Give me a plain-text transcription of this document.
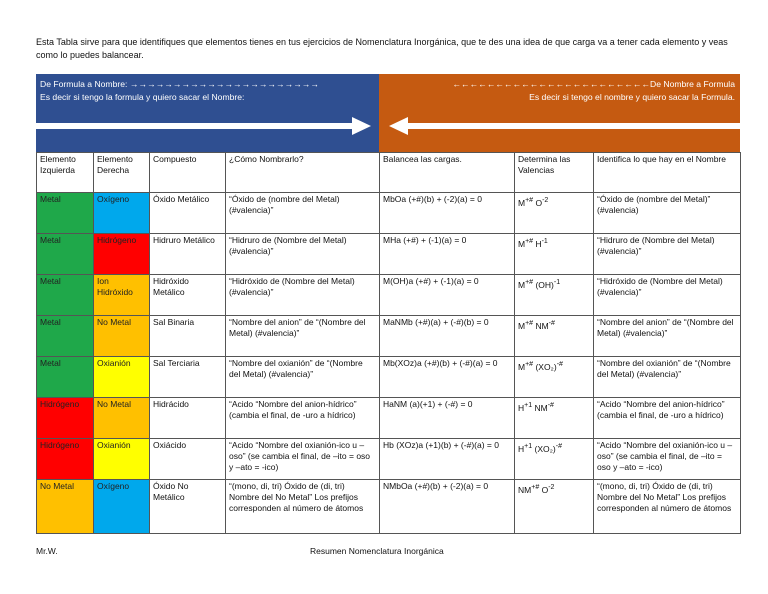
Esta Tabla sirve para que identifiques que elementos tienes en tus ejercicios de Nomenclatura Inorgánica, que te des una idea de que carga va a tener cada elemento y veas como lo puedes balancear.
De Formula a Nombre: →→→→→→→→→→→→→→→→→→→→→→
Es decir si tengo la formula y quiero sacar el Nombre:
←←←←←←←←←←←←←←←←←←←←←←←De Nombre a Formula
Es decir si tengo el nombre y quiero sacar la Formula.
Elemento Izquierda	Elemento Derecha	Compuesto	¿Cómo Nombrarlo?	Balancea las cargas.	Determina las Valencias	Identifica lo que hay en el Nombre
Metal	Oxígeno	Óxido Metálico	“Óxido de (nombre del Metal) (#valencia)”	MbOa (+#)(b) + (-2)(a) = 0	M+# $O^{-2}$	“Óxido de (nombre del Metal)” (#valencia)
Metal	Hidrógeno	Hidruro Metálico	“Hidruro de (Nombre del Metal) (#valencia)”	MHa (+#) + (-1)(a) = 0	M+# $H^{-1}$	“Hidruro de (Nombre del Metal) (#valencia)”
Metal	Ion Hidróxido	Hidróxido Metálico	“Hidróxido de (Nombre del Metal) (#valencia)”	M(OH)a (+#) + (-1)(a) = 0	M+# (OH)$^{-1}$	“Hidróxido de (Nombre del Metal) (#valencia)”
Metal	No Metal	Sal Binaria	“Nombre del anion” de “(Nombre del Metal) (#valencia)”	MaNMb (+#)(a) + (-#)(b) = 0	M+# NM-#	“Nombre del anion” de “(Nombre del Metal) (#valencia)”
Metal	Oxianión	Sal Terciaria	“Nombre del oxianión” de “(Nombre del Metal) (#valencia)”	Mb(XOz)a (+#)(b) + (-#)(a) = 0	M+# (XO₂)-#	“Nombre del oxianión” de “(Nombre del Metal) (#valencia)”
Hidrógeno	No Metal	Hidrácido	“Acido “Nombre del anion-hídrico” (cambia el final, de -uro a hídrico)	HaNM (a)(+1) + (-#) = 0	$H^{+1}$ NM-#	“Acido “Nombre del anion-hídrico” (cambia el final, de -uro a hídrico)
Hidrógeno	Oxianión	Oxiácido	“Acido “Nombre del oxianión-ico u –oso” (se cambia el final, de –ito = oso y –ato = -ico)	Hb (XOz)a (+1)(b) + (-#)(a) = 0	$H^{+1}$ (XO₂)-#	“Acido “Nombre del oxianión-ico u –oso” (se cambia el final, de –ito = oso y –ato = -ico)
No Metal	Oxígeno	Óxido No Metálico	“(mono, di, tri) Óxido de (di, tri) Nombre del No Metal” Los prefijos corresponden al número de átomos	NMbOa (+#)(b) + (-2)(a) = 0	NM+# $O^{-2}$	“(mono, di, tri) Óxido de (di, tri) Nombre del No Metal” Los prefijos corresponden al número de átomos
Mr.W.	Resumen Nomenclatura Inorgánica
